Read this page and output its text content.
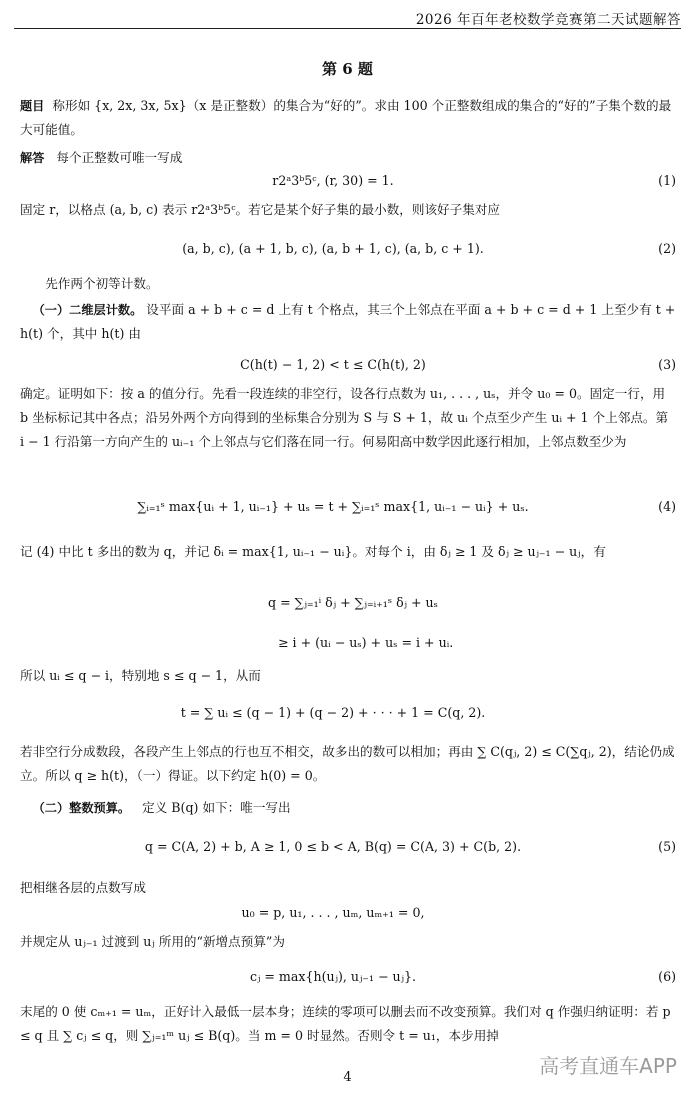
2026 年百年老校数学竞赛第二天试题解答
第 6 题
题目 称形如 {x, 2x, 3x, 5x}（x 是正整数）的集合为“好的”。求由 100 个正整数组成的集合的“好的”子集个数的最大可能值。
解答 每个正整数可唯一写成
r2ᵃ3ᵇ5ᶜ, (r, 30) = 1.	(1)
固定 r，以格点 (a, b, c) 表示 r2ᵃ3ᵇ5ᶜ。若它是某个好子集的最小数，则该好子集对应
(a, b, c), (a + 1, b, c), (a, b + 1, c), (a, b, c + 1).	(2)
先作两个初等计数。
（一）二维层计数。 设平面 a + b + c = d 上有 t 个格点，其三个上邻点在平面 a + b + c = d + 1 上至少有 t + h(t) 个，其中 h(t) 由
C(h(t) − 1, 2) < t ≤ C(h(t), 2)	(3)
确定。证明如下：按 a 的值分行。先看一段连续的非空行，设各行点数为 u₁, . . . , uₛ，并令 u₀ = 0。固定一行，用 b 坐标标记其中各点；沿另外两个方向得到的坐标集合分别为 S 与 S + 1，故 uᵢ 个点至少产生 uᵢ + 1 个上邻点。第 i − 1 行沿第一方向产生的 uᵢ₋₁ 个上邻点与它们落在同一行。何易阳高中数学因此逐行相加，上邻点数至少为
∑ᵢ₌₁ˢ max{uᵢ + 1, uᵢ₋₁} + uₛ = t + ∑ᵢ₌₁ˢ max{1, uᵢ₋₁ − uᵢ} + uₛ.	(4)
记 (4) 中比 t 多出的数为 q，并记 δᵢ = max{1, uᵢ₋₁ − uᵢ}。对每个 i，由 δⱼ ≥ 1 及 δⱼ ≥ uⱼ₋₁ − uⱼ，有
q = ∑ⱼ₌₁ⁱ δⱼ + ∑ⱼ₌ᵢ₊₁ˢ δⱼ + uₛ
≥ i + (uᵢ − uₛ) + uₛ = i + uᵢ.
所以 uᵢ ≤ q − i，特别地 s ≤ q − 1，从而
t = ∑ uᵢ ≤ (q − 1) + (q − 2) + · · · + 1 = C(q, 2).
若非空行分成数段，各段产生上邻点的行也互不相交，故多出的数可以相加；再由 ∑ C(qⱼ, 2) ≤ C(∑qⱼ, 2)，结论仍成立。所以 q ≥ h(t)，（一）得证。以下约定 h(0) = 0。
（二）整数预算。 定义 B(q) 如下：唯一写出
q = C(A, 2) + b, A ≥ 1, 0 ≤ b < A, B(q) = C(A, 3) + C(b, 2).	(5)
把相继各层的点数写成
u₀ = p, u₁, . . . , uₘ, uₘ₊₁ = 0,
并规定从 uⱼ₋₁ 过渡到 uⱼ 所用的“新增点预算”为
cⱼ = max{h(uⱼ), uⱼ₋₁ − uⱼ}.	(6)
末尾的 0 使 cₘ₊₁ = uₘ，正好计入最低一层本身；连续的零项可以删去而不改变预算。我们对 q 作强归纳证明：若 p ≤ q 且 ∑ cⱼ ≤ q，则 ∑ⱼ₌₁ᵐ uⱼ ≤ B(q)。当 m = 0 时显然。否则令 t = u₁，本步用掉
高考直通车APP
4
